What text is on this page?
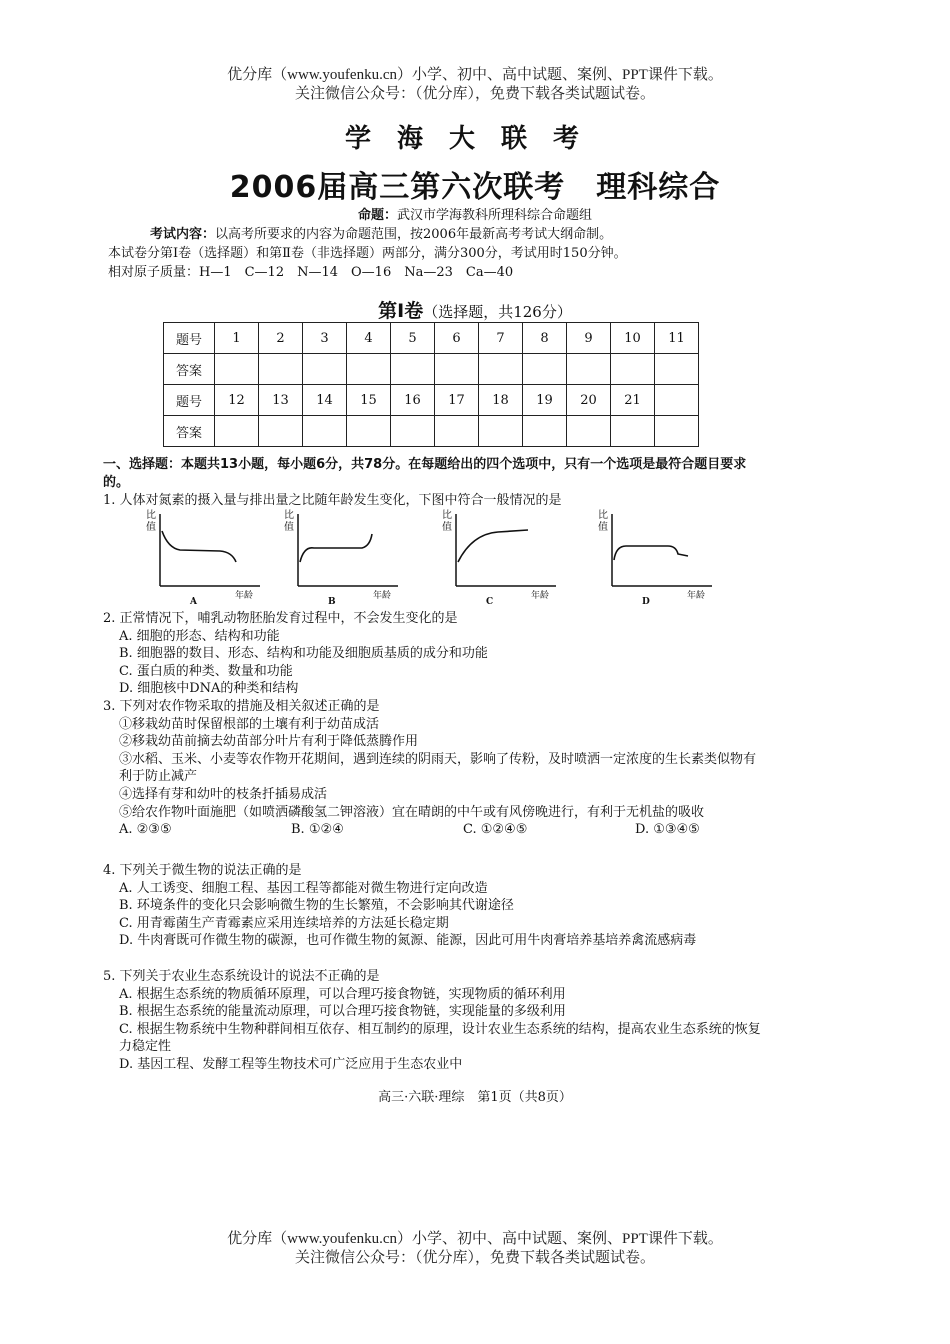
优分库（www.youfenku.cn）小学、初中、高中试题、案例、PPT课件下载。
关注微信公众号：（优分库），免费下载各类试题试卷。
学海大联考
2006届高三第六次联考　理科综合
命题：武汉市学海教科所理科综合命题组
考试内容：以高考所要求的内容为命题范围，按2006年最新高考考试大纲命制。
本试卷分第Ⅰ卷（选择题）和第Ⅱ卷（非选择题）两部分，满分300分，考试用时150分钟。
相对原子质量：H—1　C—12　N—14　O—16　Na—23　Ca—40
第Ⅰ卷（选择题，共126分）
题号	1	2	3	4	5	6	7	8	9	10	11
答案											
题号	12	13	14	15	16	17	18	19	20	21	
答案											
一、选择题：本题共13小题，每小题6分，共78分。在每题给出的四个选项中，只有一个选项是最符合题目要求的。
1. 人体对氮素的摄入量与排出量之比随年龄发生变化，下图中符合一般情况的是
比
值
年龄
A
比
值
年龄
B
比
值
年龄
C
比
值
年龄
D
2. 正常情况下，哺乳动物胚胎发育过程中，不会发生变化的是
A. 细胞的形态、结构和功能
B. 细胞器的数目、形态、结构和功能及细胞质基质的成分和功能
C. 蛋白质的种类、数量和功能
D. 细胞核中DNA的种类和结构
3. 下列对农作物采取的措施及相关叙述正确的是
①移栽幼苗时保留根部的土壤有利于幼苗成活
②移栽幼苗前摘去幼苗部分叶片有利于降低蒸腾作用
③水稻、玉米、小麦等农作物开花期间，遇到连续的阴雨天，影响了传粉，及时喷洒一定浓度的生长素类似物有利于防止减产
④选择有芽和幼叶的枝条扦插易成活
⑤给农作物叶面施肥（如喷洒磷酸氢二钾溶液）宜在晴朗的中午或有风傍晚进行，有利于无机盐的吸收
A. ②③⑤	B. ①②④	C. ①②④⑤	D. ①③④⑤
4. 下列关于微生物的说法正确的是
A. 人工诱变、细胞工程、基因工程等都能对微生物进行定向改造
B. 环境条件的变化只会影响微生物的生长繁殖，不会影响其代谢途径
C. 用青霉菌生产青霉素应采用连续培养的方法延长稳定期
D. 牛肉膏既可作微生物的碳源，也可作微生物的氮源、能源，因此可用牛肉膏培养基培养禽流感病毒
5. 下列关于农业生态系统设计的说法不正确的是
A. 根据生态系统的物质循环原理，可以合理巧接食物链，实现物质的循环利用
B. 根据生态系统的能量流动原理，可以合理巧接食物链，实现能量的多级利用
C. 根据生物系统中生物种群间相互依存、相互制约的原理，设计农业生态系统的结构，提高农业生态系统的恢复力稳定性
D. 基因工程、发酵工程等生物技术可广泛应用于生态农业中
高三·六联·理综　第1页（共8页）
优分库（www.youfenku.cn）小学、初中、高中试题、案例、PPT课件下载。
关注微信公众号：（优分库），免费下载各类试题试卷。
